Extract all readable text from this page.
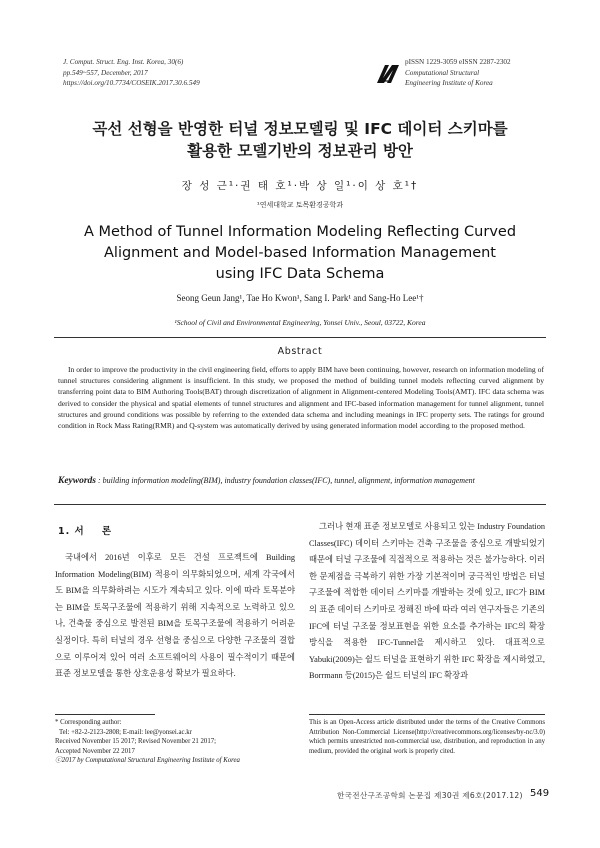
J. Comput. Struct. Eng. Inst. Korea, 30(6)
pp.549~557, December, 2017
https://doi.org/10.7734/COSEIK.2017.30.6.549
pISSN 1229-3059 eISSN 2287-2302
Computational Structural
Engineering Institute of Korea
곡선 선형을 반영한 터널 정보모델링 및 IFC 데이터 스키마를
활용한 모델기반의 정보관리 방안
장 성 근¹·권 태 호¹·박 상 일¹·이 상 호¹†
¹연세대학교 토목환경공학과
A Method of Tunnel Information Modeling Reflecting Curved
Alignment and Model-based Information Management
using IFC Data Schema
Seong Geun Jang¹, Tae Ho Kwon¹, Sang I. Park¹ and Sang-Ho Lee¹†
¹School of Civil and Environmental Engineering, Yonsei Univ., Seoul, 03722, Korea
Abstract
In order to improve the productivity in the civil engineering field, efforts to apply BIM have been continuing, however, research on information modeling of tunnel structures considering alignment is insufficient. In this study, we proposed the method of building tunnel models reflecting curved alignment by transferring point data to BIM Authoring Tools(BAT) through discretization of alignment in Alignment-centered Modeling Tools(AMT). IFC data schema was derived to consider the physical and spatial elements of tunnel structures and alignment and IFC-based information management for tunnel alignment, tunnel structures and ground conditions was possible by referring to the extended data schema and including meanings in IFC property sets. The ratings for ground condition in Rock Mass Rating(RMR) and Q-system was automatically derived by using generated information model according to the proposed method.
Keywords : building information modeling(BIM), industry foundation classes(IFC), tunnel, alignment, information management
1. 서    론
국내에서 2016년 이후로 모든 건설 프로젝트에 Building Information Modeling(BIM) 적용이 의무화되었으며, 세계 각국에서도 BIM을 의무화하려는 시도가 계속되고 있다. 이에 따라 토목분야는 BIM을 토목구조물에 적용하기 위해 지속적으로 노력하고 있으나, 건축물 중심으로 발전된 BIM을 토목구조물에 적용하기 어려운 실정이다. 특히 터널의 경우 선형을 중심으로 다양한 구조물의 결합으로 이루어져 있어 여러 소프트웨어의 사용이 필수적이기 때문에 표준 정보모델을 통한 상호운용성 확보가 필요하다.
그러나 현재 표준 정보모델로 사용되고 있는 Industry Foundation Classes(IFC) 데이터 스키마는 건축 구조물을 중심으로 개발되었기 때문에 터널 구조물에 직접적으로 적용하는 것은 불가능하다. 이러한 문제점을 극복하기 위한 가장 기본적이며 궁극적인 방법은 터널 구조물에 적합한 데이터 스키마를 개발하는 것에 있고, IFC가 BIM의 표준 데이터 스키마로 정해진 바에 따라 여러 연구자들은 기존의 IFC에 터널 구조물 정보표현을 위한 요소를 추가하는 IFC의 확장 방식을 적용한 IFC-Tunnel을 제시하고 있다. 대표적으로 Yabuki(2009)는 쉴드 터널을 표현하기 위한 IFC 확장을 제시하였고, Borrmann 등(2015)은 쉴드 터널의 IFC 확장과
* Corresponding author:
Tel: +82-2-2123-2808; E-mail: lee@yonsei.ac.kr
Received November 15 2017; Revised November 21 2017;
Accepted November 22 2017
ⓒ2017 by Computational Structural Engineering Institute of Korea
This is an Open-Access article distributed under the terms of the Creative Commons Attribution Non-Commercial License(http://creativecommons.org/licenses/by-nc/3.0) which permits unrestricted non-commercial use, distribution, and reproduction in any medium, provided the original work is properly cited.
한국전산구조공학회 논문집 제30권 제6호(2017.12) 549
